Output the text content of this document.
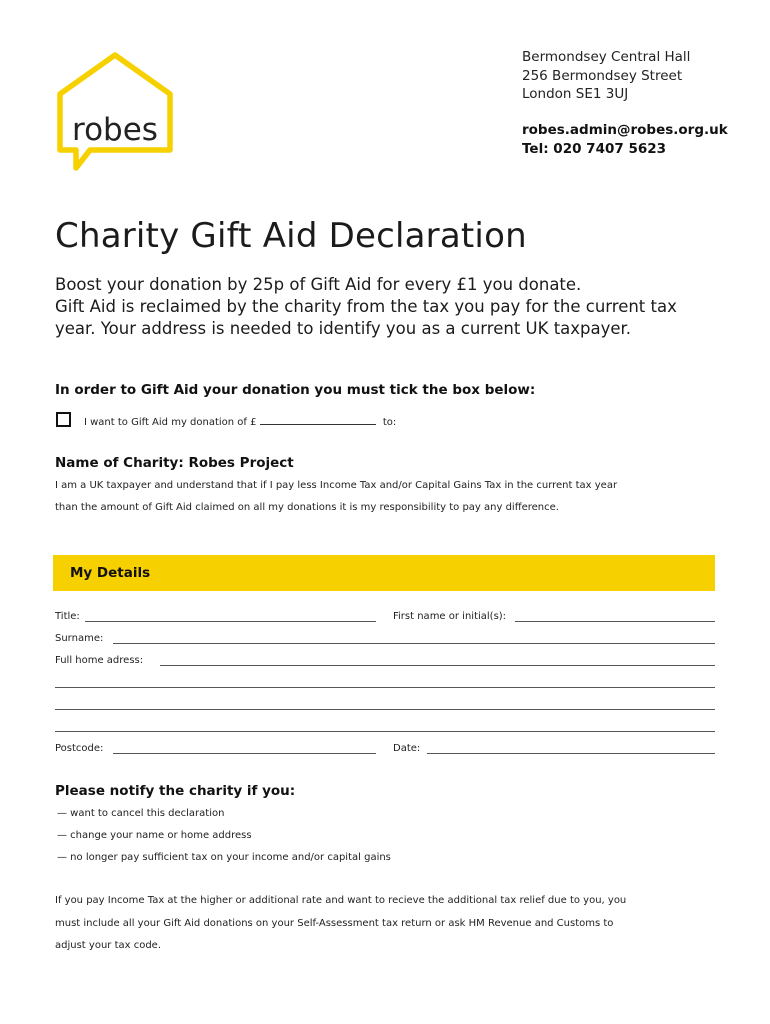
robes
Bermondsey Central Hall
256 Bermondsey Street
London SE1 3UJ
robes.admin@robes.org.uk
Tel: 020 7407 5623
Charity Gift Aid Declaration
Boost your donation by 25p of Gift Aid for every £1 you donate.
Gift Aid is reclaimed by the charity from the tax you pay for the current tax
year. Your address is needed to identify you as a current UK taxpayer.
In order to Gift Aid your donation you must tick the box below:
I want to Gift Aid my donation of £	to:
Name of Charity: Robes Project
I am a UK taxpayer and understand that if I pay less Income Tax and/or Capital Gains Tax in the current tax year
than the amount of Gift Aid claimed on all my donations it is my responsibility to pay any difference.
My Details
Title:	First name or initial(s):
Surname:
Full home adress:
Postcode:	Date:
Please notify the charity if you:
— want to cancel this declaration
— change your name or home address
— no longer pay sufficient tax on your income and/or capital gains
If you pay Income Tax at the higher or additional rate and want to recieve the additional tax relief due to you, you
must include all your Gift Aid donations on your Self-Assessment tax return or ask HM Revenue and Customs to
adjust your tax code.
